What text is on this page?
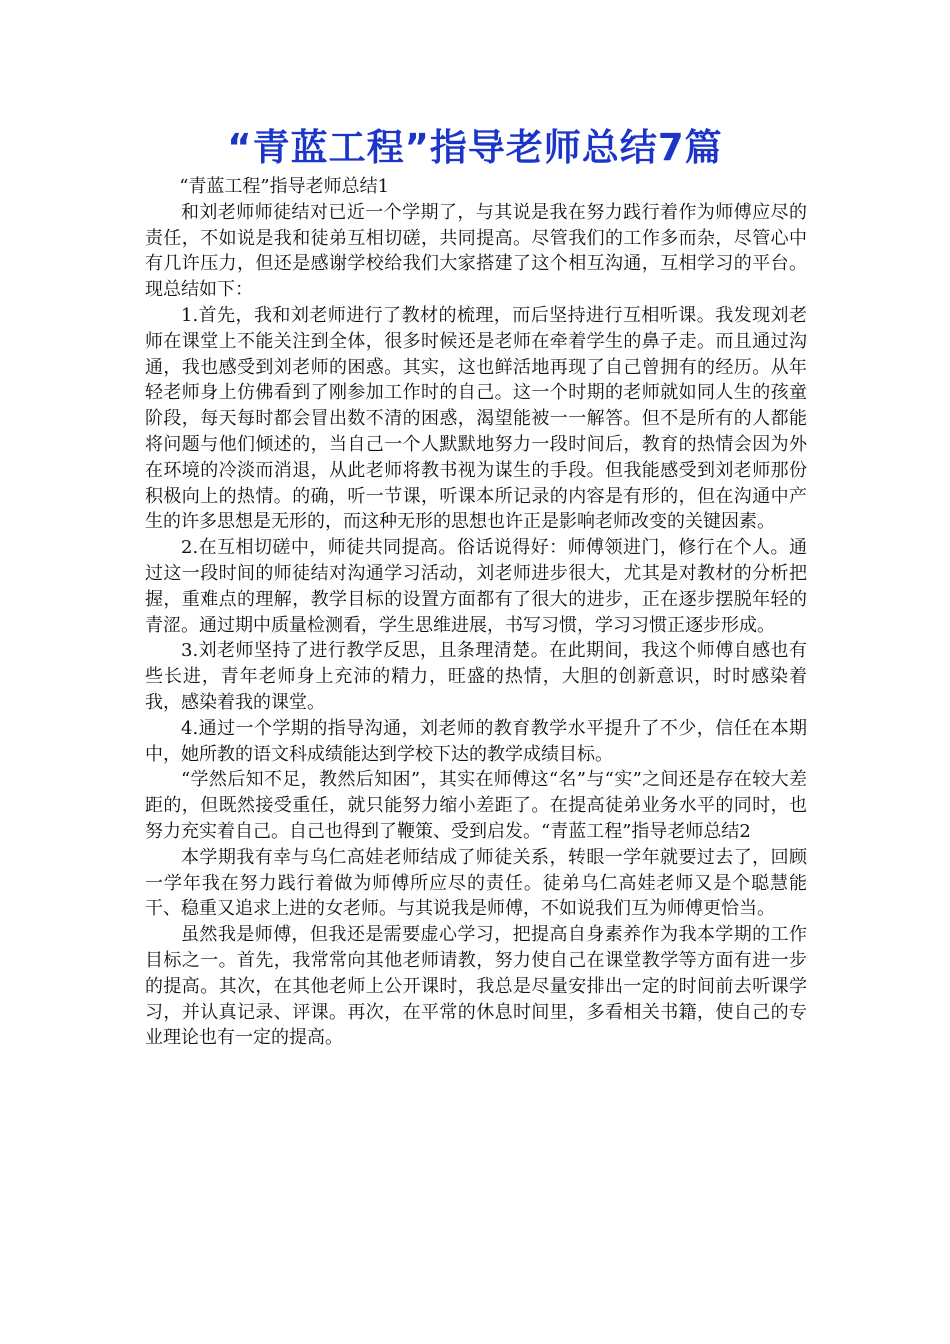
“青蓝工程”指导老师总结7篇

“青蓝工程”指导老师总结1

和刘老师师徒结对已近一个学期了，与其说是我在努力践行着作为师傅应尽的责任，不如说是我和徒弟互相切磋，共同提高。尽管我们的工作多而杂，尽管心中有几许压力，但还是感谢学校给我们大家搭建了这个相互沟通，互相学习的平台。现总结如下：

1.首先，我和刘老师进行了教材的梳理，而后坚持进行互相听课。我发现刘老师在课堂上不能关注到全体，很多时候还是老师在牵着学生的鼻子走。而且通过沟通，我也感受到刘老师的困惑。其实，这也鲜活地再现了自己曾拥有的经历。从年轻老师身上仿佛看到了刚参加工作时的自己。这一个时期的老师就如同人生的孩童阶段，每天每时都会冒出数不清的困惑，渴望能被一一解答。但不是所有的人都能将问题与他们倾述的，当自己一个人默默地努力一段时间后，教育的热情会因为外在环境的冷淡而消退，从此老师将教书视为谋生的手段。但我能感受到刘老师那份积极向上的热情。的确，听一节课，听课本所记录的内容是有形的，但在沟通中产生的许多思想是无形的，而这种无形的思想也许正是影响老师改变的关键因素。

2.在互相切磋中，师徒共同提高。俗话说得好：师傅领进门，修行在个人。通过这一段时间的师徒结对沟通学习活动，刘老师进步很大，尤其是对教材的分析把握，重难点的理解，教学目标的设置方面都有了很大的进步，正在逐步摆脱年轻的青涩。通过期中质量检测看，学生思维进展，书写习惯，学习习惯正逐步形成。

3.刘老师坚持了进行教学反思，且条理清楚。在此期间，我这个师傅自感也有些长进，青年老师身上充沛的精力，旺盛的热情，大胆的创新意识，时时感染着我，感染着我的课堂。

4.通过一个学期的指导沟通，刘老师的教育教学水平提升了不少，信任在本期中，她所教的语文科成绩能达到学校下达的教学成绩目标。

“学然后知不足，教然后知困”，其实在师傅这“名”与“实”之间还是存在较大差距的，但既然接受重任，就只能努力缩小差距了。在提高徒弟业务水平的同时，也努力充实着自己。自己也得到了鞭策、受到启发。“青蓝工程”指导老师总结2

本学期我有幸与乌仁高娃老师结成了师徒关系，转眼一学年就要过去了，回顾一学年我在努力践行着做为师傅所应尽的责任。徒弟乌仁高娃老师又是个聪慧能干、稳重又追求上进的女老师。与其说我是师傅，不如说我们互为师傅更恰当。

虽然我是师傅，但我还是需要虚心学习，把提高自身素养作为我本学期的工作目标之一。首先，我常常向其他老师请教，努力使自己在课堂教学等方面有进一步的提高。其次，在其他老师上公开课时，我总是尽量安排出一定的时间前去听课学习，并认真记录、评课。再次，在平常的休息时间里，多看相关书籍，使自己的专业理论也有一定的提高。
